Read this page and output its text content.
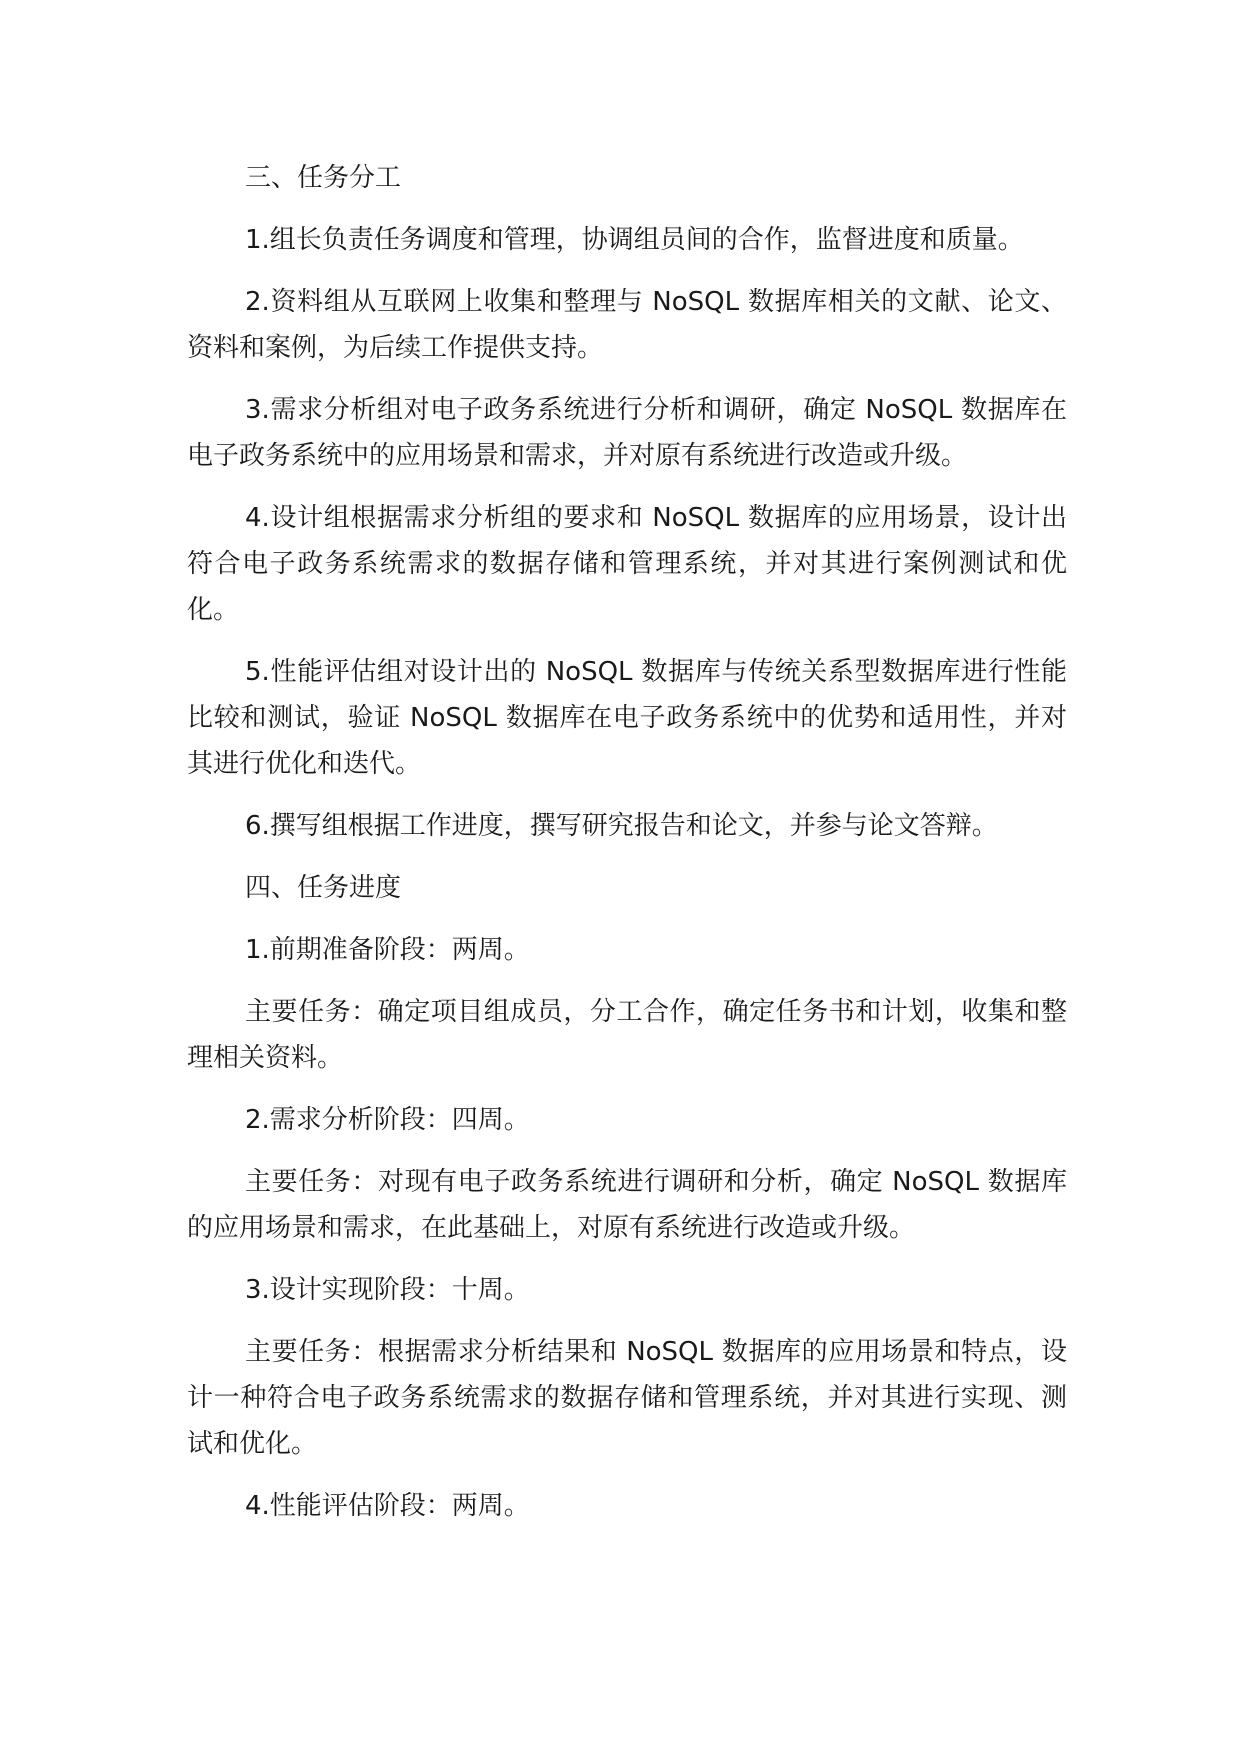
三、任务分工

1.组长负责任务调度和管理，协调组员间的合作，监督进度和质量。

2.资料组从互联网上收集和整理与 NoSQL 数据库相关的文献、论文、资料和案例，为后续工作提供支持。

3.需求分析组对电子政务系统进行分析和调研，确定 NoSQL 数据库在电子政务系统中的应用场景和需求，并对原有系统进行改造或升级。

4.设计组根据需求分析组的要求和 NoSQL 数据库的应用场景，设计出符合电子政务系统需求的数据存储和管理系统，并对其进行案例测试和优化。

5.性能评估组对设计出的 NoSQL 数据库与传统关系型数据库进行性能比较和测试，验证 NoSQL 数据库在电子政务系统中的优势和适用性，并对其进行优化和迭代。

6.撰写组根据工作进度，撰写研究报告和论文，并参与论文答辩。

四、任务进度

1.前期准备阶段：两周。

主要任务：确定项目组成员，分工合作，确定任务书和计划，收集和整理相关资料。

2.需求分析阶段：四周。

主要任务：对现有电子政务系统进行调研和分析，确定 NoSQL 数据库的应用场景和需求，在此基础上，对原有系统进行改造或升级。

3.设计实现阶段：十周。

主要任务：根据需求分析结果和 NoSQL 数据库的应用场景和特点，设计一种符合电子政务系统需求的数据存储和管理系统，并对其进行实现、测试和优化。

4.性能评估阶段：两周。
